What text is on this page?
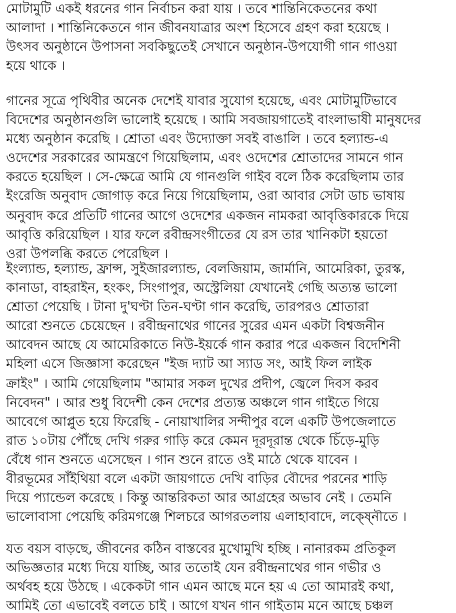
মোটামুটি একই ধরনের গান নির্বাচন করা যায় । তবে শান্তিনিকেতনের কথা
আলাদা । শান্তিনিকেতনে গান জীবনযাত্রার অংশ হিসেবে গ্রহণ করা হয়েছে ।
উৎসব অনুষ্ঠানে উপাসনা সবকিছুতেই সেখানে অনুষ্ঠান-উপযোগী গান গাওয়া
হয়ে থাকে ।
গানের সূত্রে পৃথিবীর অনেক দেশেই যাবার সুযোগ হয়েছে, এবং মোটামুটিভাবে
বিদেশের অনুষ্ঠানগুলি ভালোই হয়েছে । আমি সবজায়গাতেই বাংলাভাষী মানুষদের
মধ্যে অনুষ্ঠান করেছি । শ্রোতা এবং উদ্যোক্তা সবই বাঙালি । তবে হল্যান্ড-এ
ওদেশের সরকারের আমন্ত্রণে গিয়েছিলাম, এবং ওদেশের শ্রোতাদের সামনে গান
করতে হয়েছিল । সে-ক্ষেত্রে আমি যে গানগুলি গাইব বলে ঠিক করেছিলাম তার
ইংরেজি অনুবাদ জোগাড় করে নিয়ে গিয়েছিলাম, ওরা আবার সেটা ডাচ ভাষায়
অনুবাদ করে প্রতিটি গানের আগে ওদেশের একজন নামকরা আবৃত্তিকারকে দিয়ে
আবৃত্তি করিয়েছিল । যার ফলে রবীন্দ্রসংগীতের যে রস তার খানিকটা হয়তো
ওরা উপলব্ধি করতে পেরেছিল ।
ইংল্যান্ড, হল্যান্ড, ফ্রান্স, সুইজারল্যান্ড, বেলজিয়াম, জার্মানি, আমেরিকা, তুরস্ক,
কানাডা, বাহরাইন, হংকং, সিংগাপুর, অস্ট্রেলিয়া যেখানেই গেছি অত্যন্ত ভালো
শ্রোতা পেয়েছি । টানা দু'ঘণ্টা তিন-ঘণ্টা গান করেছি, তারপরও শ্রোতারা
আরো শুনতে চেয়েছেন । রবীন্দ্রনাথের গানের সুরের এমন একটা বিশ্বজনীন
আবেদন আছে যে আমেরিকাতে নিউ-ইয়র্কে গান করার পরে একজন বিদেশিনী
মহিলা এসে জিজ্ঞাসা করেছেন "ইজ দ্যাট আ স্যাড সং, আই ফিল লাইক
ক্রাইং" । আমি গেয়েছিলাম "আমার সকল দুখের প্রদীপ, জ্বেলে দিবস করব
নিবেদন" । আর শুধু বিদেশী কেন দেশের প্রত্যন্ত অঞ্চলে গান গাইতে গিয়ে
আবেগে আপ্লুত হয়ে ফিরেছি - নোয়াখালির সন্দীপুর বলে একটি উপজেলাতে
রাত ১০টায় পৌঁছে দেখি গরুর গাড়ি করে কেমন দূরদূরান্ত থেকে চিঁড়ে-মুড়ি
বেঁধে গান শুনতে এসেছেন । গান শুনে রাতে ওই মাঠে থেকে যাবেন ।
বীরভূমের সাঁইথিয়া বলে একটা জায়গাতে দেখি বাড়ির বৌদের পরনের শাড়ি
দিয়ে প্যান্ডেল করেছে । কিন্তু আন্তরিকতা আর আগ্রহের অভাব নেই । তেমনি
ভালোবাসা পেয়েছি করিমগঞ্জে শিলচরে আগরতলায় এলাহাবাদে, লক্ষ্নৌতে ।
যত বয়স বাড়ছে, জীবনের কঠিন বাস্তবের মুখোমুখি হচ্ছি । নানারকম প্রতিকূল
অভিজ্ঞতার মধ্যে দিয়ে যাচ্ছি, আর ততোই যেন রবীন্দ্রনাথের গান গভীর ও
অর্থবহ হয়ে উঠছে । একেকটা গান এমন আছে মনে হয় এ তো আমারই কথা,
আমিই তো এভাবেই বলতে চাই । আগে যখন গান গাইতাম মনে আছে চঞ্চল
